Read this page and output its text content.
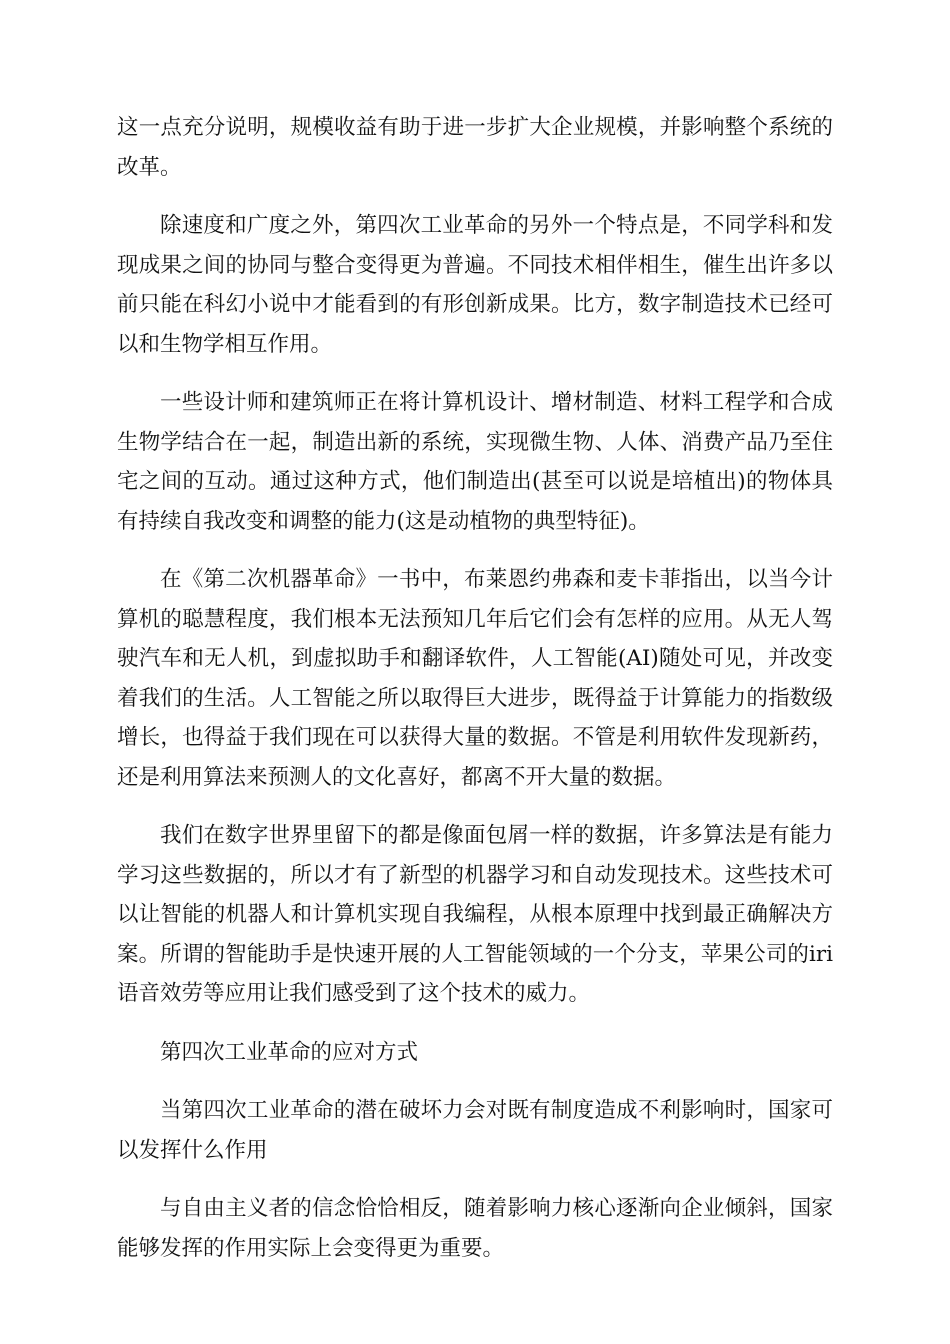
这一点充分说明，规模收益有助于进一步扩大企业规模，并影响整个系统的改革。

除速度和广度之外，第四次工业革命的另外一个特点是，不同学科和发现成果之间的协同与整合变得更为普遍。不同技术相伴相生，催生出许多以前只能在科幻小说中才能看到的有形创新成果。比方，数字制造技术已经可以和生物学相互作用。

一些设计师和建筑师正在将计算机设计、增材制造、材料工程学和合成生物学结合在一起，制造出新的系统，实现微生物、人体、消费产品乃至住宅之间的互动。通过这种方式，他们制造出(甚至可以说是培植出)的物体具有持续自我改变和调整的能力(这是动植物的典型特征)。

在《第二次机器革命》一书中，布莱恩约弗森和麦卡菲指出，以当今计算机的聪慧程度，我们根本无法预知几年后它们会有怎样的应用。从无人驾驶汽车和无人机，到虚拟助手和翻译软件，人工智能(AI)随处可见，并改变着我们的生活。人工智能之所以取得巨大进步，既得益于计算能力的指数级增长，也得益于我们现在可以获得大量的数据。不管是利用软件发现新药，还是利用算法来预测人的文化喜好，都离不开大量的数据。

我们在数字世界里留下的都是像面包屑一样的数据，许多算法是有能力学习这些数据的，所以才有了新型的机器学习和自动发现技术。这些技术可以让智能的机器人和计算机实现自我编程，从根本原理中找到最正确解决方案。所谓的智能助手是快速开展的人工智能领域的一个分支，苹果公司的iri语音效劳等应用让我们感受到了这个技术的威力。

第四次工业革命的应对方式

当第四次工业革命的潜在破坏力会对既有制度造成不利影响时，国家可以发挥什么作用

与自由主义者的信念恰恰相反，随着影响力核心逐渐向企业倾斜，国家能够发挥的作用实际上会变得更为重要。
